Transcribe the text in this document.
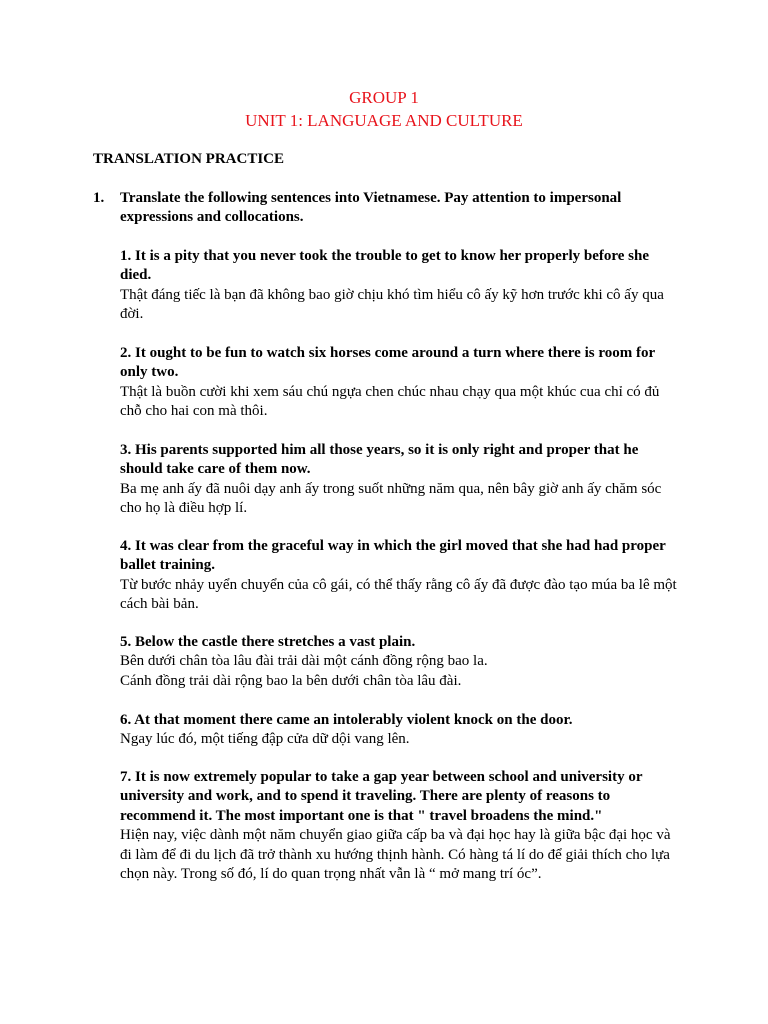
GROUP 1
UNIT 1: LANGUAGE AND CULTURE
TRANSLATION PRACTICE
1. Translate the following sentences into Vietnamese. Pay attention to impersonal expressions and collocations.
1. It is a pity that you never took the trouble to get to know her properly before she died.
Thật đáng tiếc là bạn đã không bao giờ chịu khó tìm hiểu cô ấy kỹ hơn trước khi cô ấy qua đời.
2. It ought to be fun to watch six horses come around a turn where there is room for only two.
Thật là buồn cười khi xem sáu chú ngựa chen chúc nhau chạy qua một khúc cua chỉ có đủ chỗ cho hai con mà thôi.
3. His parents supported him all those years, so it is only right and proper that he should take care of them now.
Ba mẹ anh ấy đã nuôi dạy anh ấy trong suốt những năm qua, nên bây giờ anh ấy chăm sóc cho họ là điều hợp lí.
4. It was clear from the graceful way in which the girl moved that she had had proper ballet training.
Từ bước nhảy uyển chuyển của cô gái, có thể thấy rằng cô ấy đã được đào tạo múa ba lê một cách bài bản.
5. Below the castle there stretches a vast plain.
Bên dưới chân tòa lâu đài trải dài một cánh đồng rộng bao la.
Cánh đồng trải dài rộng bao la bên dưới chân tòa lâu đài.
6. At that moment there came an intolerably violent knock on the door.
Ngay lúc đó, một tiếng đập cửa dữ dội vang lên.
7. It is now extremely popular to take a gap year between school and university or university and work, and to spend it traveling. There are plenty of reasons to recommend it. The most important one is that " travel broadens the mind."
Hiện nay, việc dành một năm chuyển giao giữa cấp ba và đại học hay là giữa bậc đại học và đi làm để đi du lịch đã trở thành xu hướng thịnh hành. Có hàng tá lí do để giải thích cho lựa chọn này. Trong số đó, lí do quan trọng nhất vẫn là “ mở mang trí óc”.
